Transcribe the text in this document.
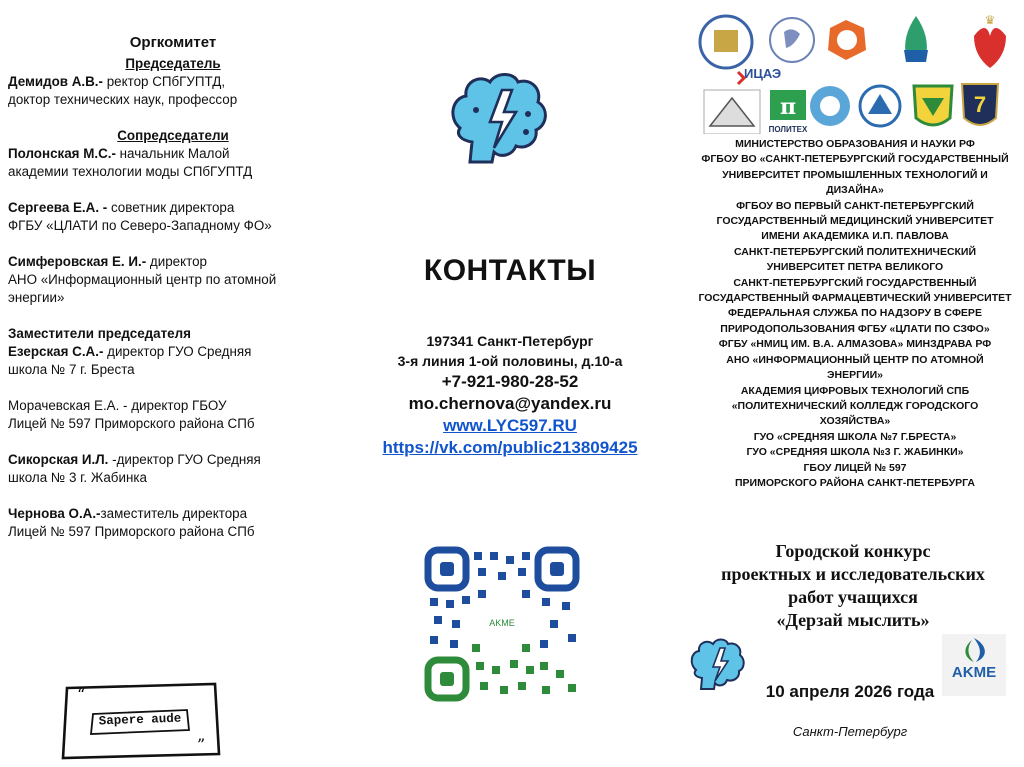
Оргкомитет
Председатель
Демидов А.В.- ректор СПбГУПТД,
доктор технических наук, профессор
Сопредседатели
Полонская М.С.- начальник Малой
академии технологии моды СПбГУПТД
Сергеева Е.А. - советник директора
ФГБУ «ЦЛАТИ по Северо-Западному ФО»
Симферовская Е. И.- директор
АНО «Информационный центр по атомной
энергии»
Заместители председателя
Езерская С.А.- директор ГУО Средняя
школа № 7 г. Бреста
Морачевская Е.А. - директор ГБОУ
Лицей № 597 Приморского района СПб
Сикорская И.Л. -директор ГУО Средняя
школа № 3 г. Жабинка
Чернова О.А.-заместитель директора
Лицей № 597 Приморского района СПб
“
”
Sapere aude
КОНТАКТЫ
197341 Санкт-Петербург
3-я линия 1-ой половины, д.10-а
+7-921-980-28-52
mo.chernova@yandex.ru
www.LYC597.RU
https://vk.com/public213809425
AKME
♛
ИЦАЭ
π
ПОЛИТЕХ
7
МИНИСТЕРСТВО ОБРАЗОВАНИЯ И НАУКИ РФ
ФГБОУ ВО «САНКТ-ПЕТЕРБУРГСКИЙ ГОСУДАРСТВЕННЫЙ
УНИВЕРСИТЕТ ПРОМЫШЛЕННЫХ ТЕХНОЛОГИЙ И
ДИЗАЙНА»
ФГБОУ ВО ПЕРВЫЙ САНКТ-ПЕТЕРБУРГСКИЙ
ГОСУДАРСТВЕННЫЙ МЕДИЦИНСКИЙ УНИВЕРСИТЕТ
ИМЕНИ АКАДЕМИКА И.П. ПАВЛОВА
САНКТ-ПЕТЕРБУРГСКИЙ ПОЛИТЕХНИЧЕСКИЙ
УНИВЕРСИТЕТ ПЕТРА ВЕЛИКОГО
САНКТ-ПЕТЕРБУРГСКИЙ ГОСУДАРСТВЕННЫЙ
ГОСУДАРСТВЕННЫЙ ФАРМАЦЕВТИЧЕСКИЙ УНИВЕРСИТЕТ
ФЕДЕРАЛЬНАЯ СЛУЖБА ПО НАДЗОРУ В СФЕРЕ
ПРИРОДОПОЛЬЗОВАНИЯ ФГБУ «ЦЛАТИ ПО СЗФО»
ФГБУ «НМИЦ ИМ. В.А. АЛМАЗОВА» МИНЗДРАВА РФ
АНО «ИНФОРМАЦИОННЫЙ ЦЕНТР ПО АТОМНОЙ
ЭНЕРГИИ»
АКАДЕМИЯ ЦИФРОВЫХ ТЕХНОЛОГИЙ СПБ
«ПОЛИТЕХНИЧЕСКИЙ КОЛЛЕДЖ ГОРОДСКОГО
ХОЗЯЙСТВА»
ГУО «СРЕДНЯЯ ШКОЛА №7 Г.БРЕСТА»
ГУО «СРЕДНЯЯ ШКОЛА №3 Г. ЖАБИНКИ»
ГБОУ ЛИЦЕЙ № 597
ПРИМОРСКОГО РАЙОНА САНКТ-ПЕТЕРБУРГА
Городской конкурс
проектных и исследовательских
работ учащихся
«Дерзай мыслить»
AKME
10 апреля 2026 года
Санкт-Петербург
